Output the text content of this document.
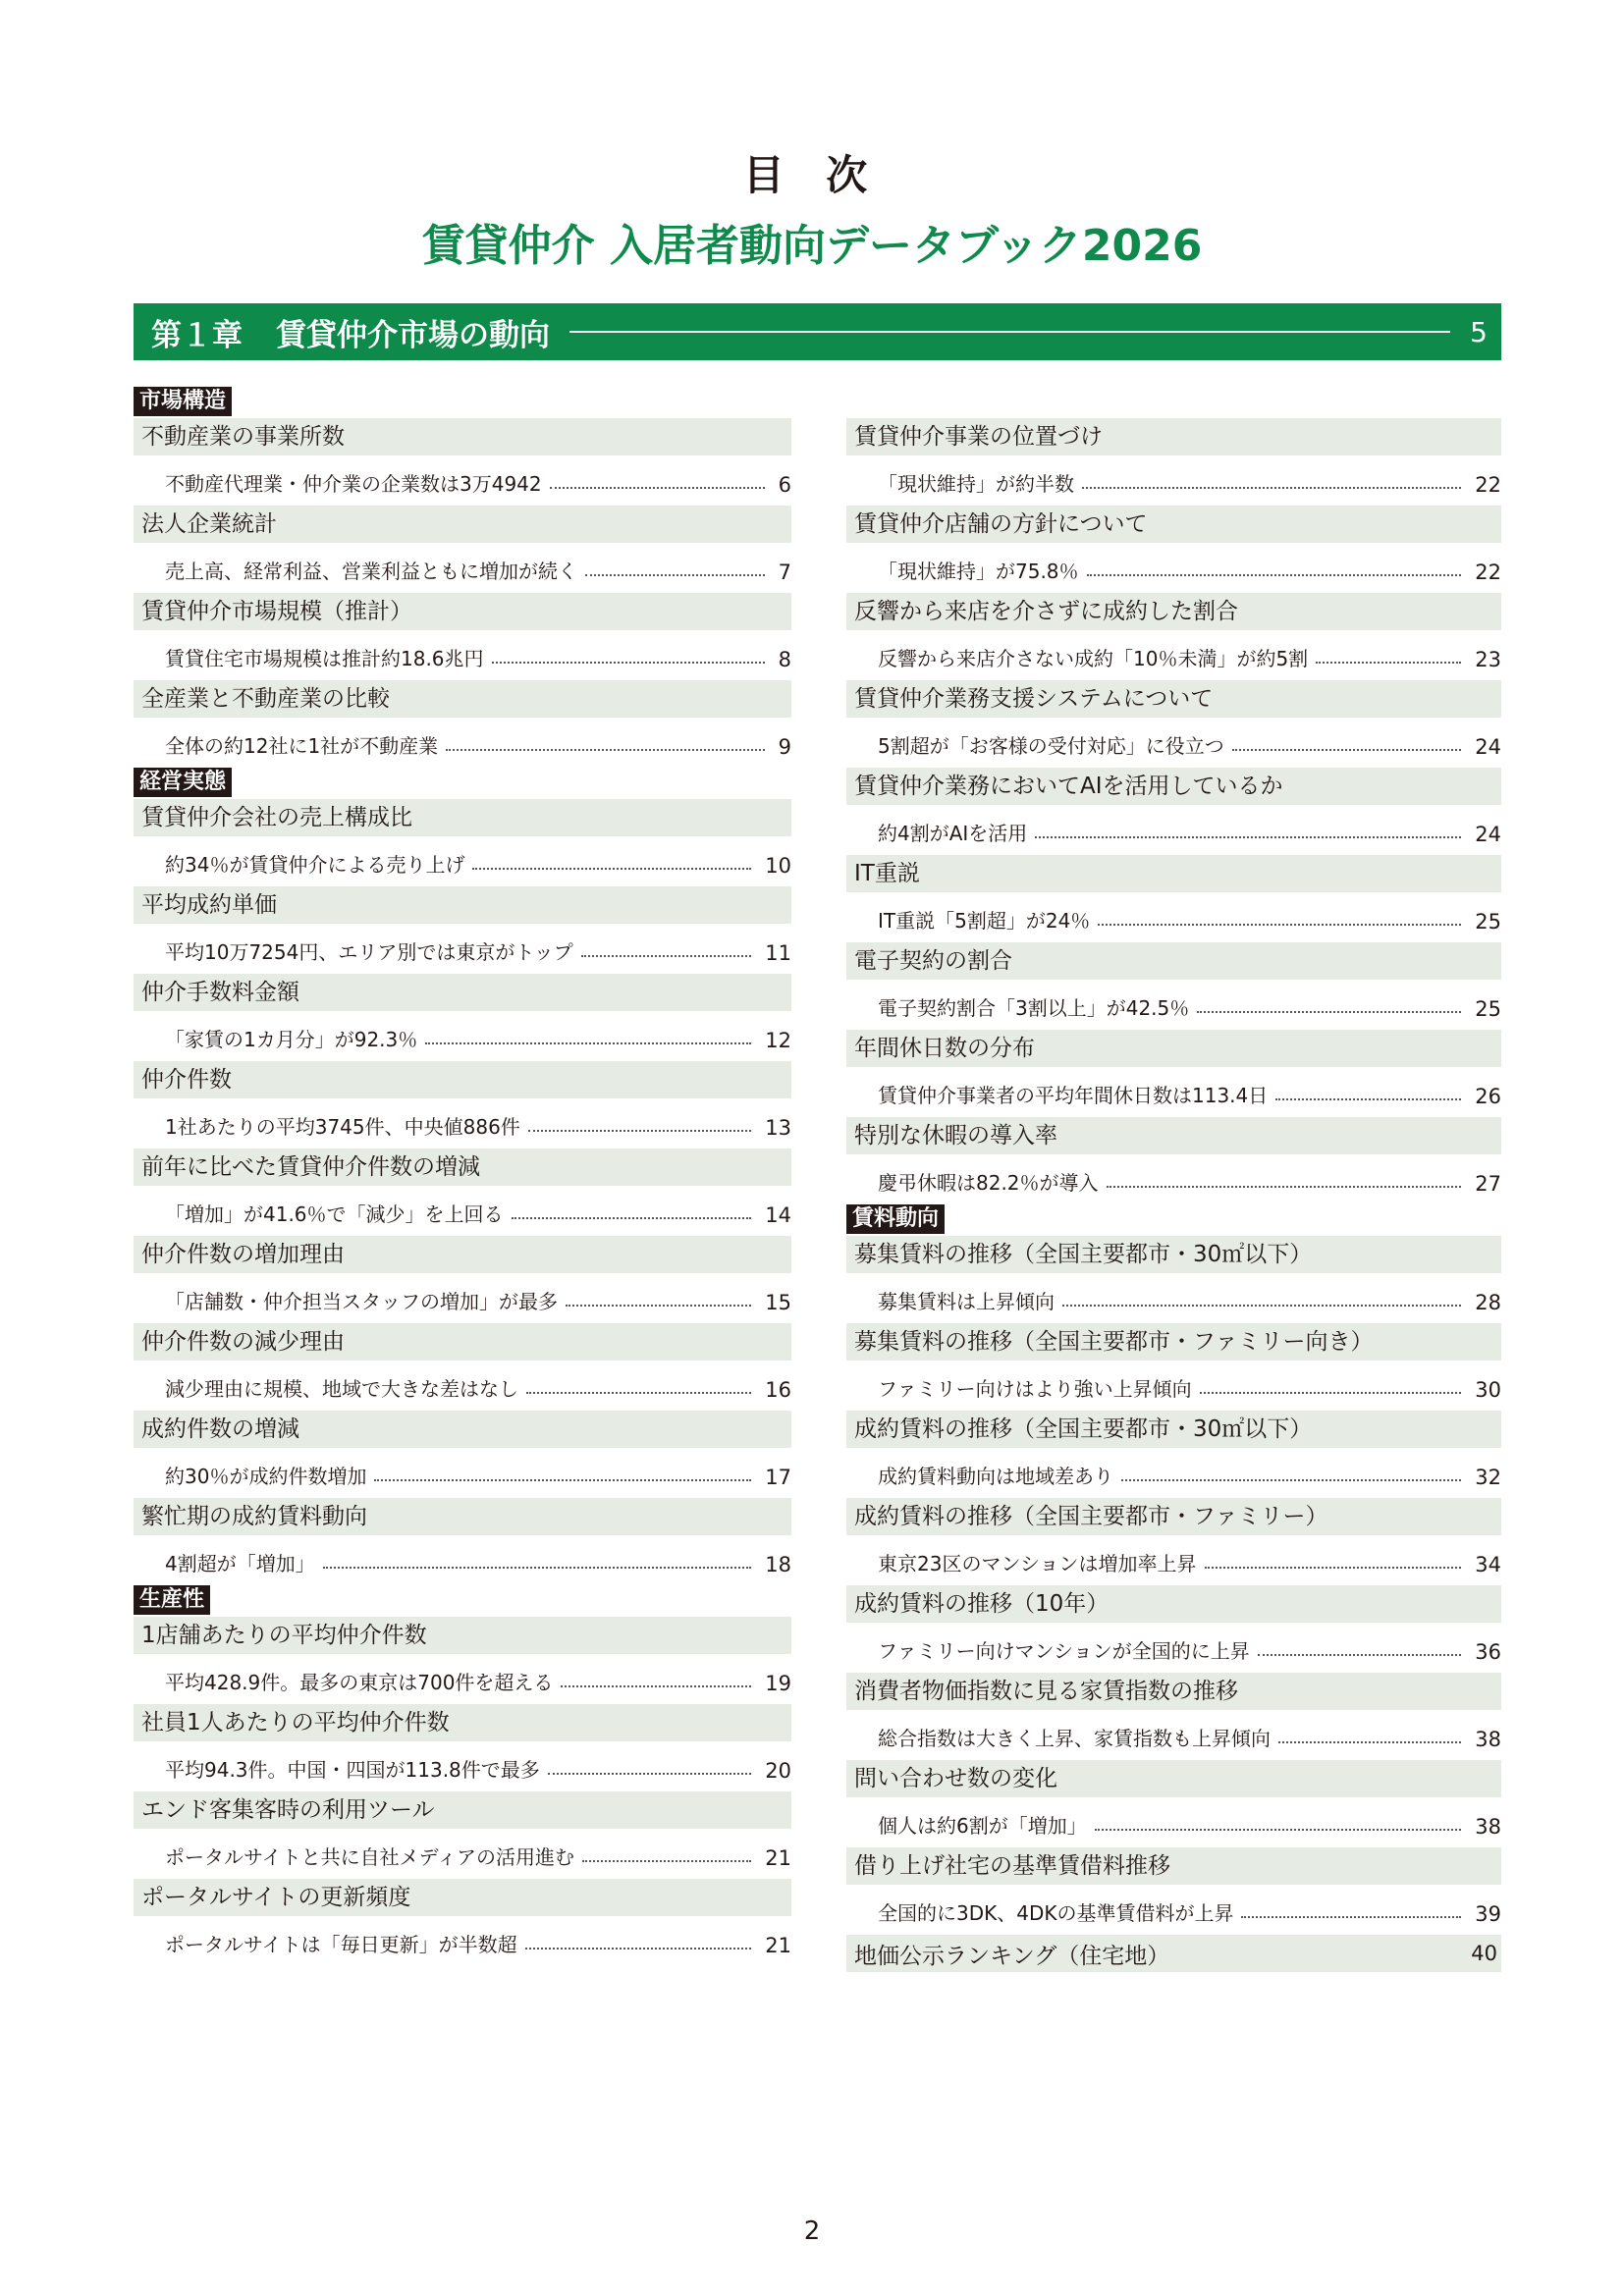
目 次
賃貸仲介 入居者動向データブック2026
第１章 賃貸仲介市場の動向	5
市場構造
不動産業の事業所数
不動産代理業・仲介業の企業数は3万4942	6
法人企業統計
売上高、経常利益、営業利益ともに増加が続く	7
賃貸仲介市場規模（推計）
賃貸住宅市場規模は推計約18.6兆円	8
全産業と不動産業の比較
全体の約12社に1社が不動産業	9
経営実態
賃貸仲介会社の売上構成比
約34％が賃貸仲介による売り上げ	10
平均成約単価
平均10万7254円、エリア別では東京がトップ	11
仲介手数料金額
「家賃の1カ月分」が92.3％	12
仲介件数
1社あたりの平均3745件、中央値886件	13
前年に比べた賃貸仲介件数の増減
「増加」が41.6％で「減少」を上回る	14
仲介件数の増加理由
「店舗数・仲介担当スタッフの増加」が最多	15
仲介件数の減少理由
減少理由に規模、地域で大きな差はなし	16
成約件数の増減
約30％が成約件数増加	17
繁忙期の成約賃料動向
4割超が「増加」	18
生産性
1店舗あたりの平均仲介件数
平均428.9件。最多の東京は700件を超える	19
社員1人あたりの平均仲介件数
平均94.3件。中国・四国が113.8件で最多	20
エンド客集客時の利用ツール
ポータルサイトと共に自社メディアの活用進む	21
ポータルサイトの更新頻度
ポータルサイトは「毎日更新」が半数超	21
賃貸仲介事業の位置づけ
「現状維持」が約半数	22
賃貸仲介店舗の方針について
「現状維持」が75.8％	22
反響から来店を介さずに成約した割合
反響から来店介さない成約「10％未満」が約5割	23
賃貸仲介業務支援システムについて
5割超が「お客様の受付対応」に役立つ	24
賃貸仲介業務においてAIを活用しているか
約4割がAIを活用	24
IT重説
IT重説「5割超」が24％	25
電子契約の割合
電子契約割合「3割以上」が42.5％	25
年間休日数の分布
賃貸仲介事業者の平均年間休日数は113.4日	26
特別な休暇の導入率
慶弔休暇は82.2％が導入	27
賃料動向
募集賃料の推移（全国主要都市・30㎡以下）
募集賃料は上昇傾向	28
募集賃料の推移（全国主要都市・ファミリー向き）
ファミリー向けはより強い上昇傾向	30
成約賃料の推移（全国主要都市・30㎡以下）
成約賃料動向は地域差あり	32
成約賃料の推移（全国主要都市・ファミリー）
東京23区のマンションは増加率上昇	34
成約賃料の推移（10年）
ファミリー向けマンションが全国的に上昇	36
消費者物価指数に見る家賃指数の推移
総合指数は大きく上昇、家賃指数も上昇傾向	38
問い合わせ数の変化
個人は約6割が「増加」	38
借り上げ社宅の基準賃借料推移
全国的に3DK、4DKの基準賃借料が上昇	39
地価公示ランキング（住宅地）	40
2
